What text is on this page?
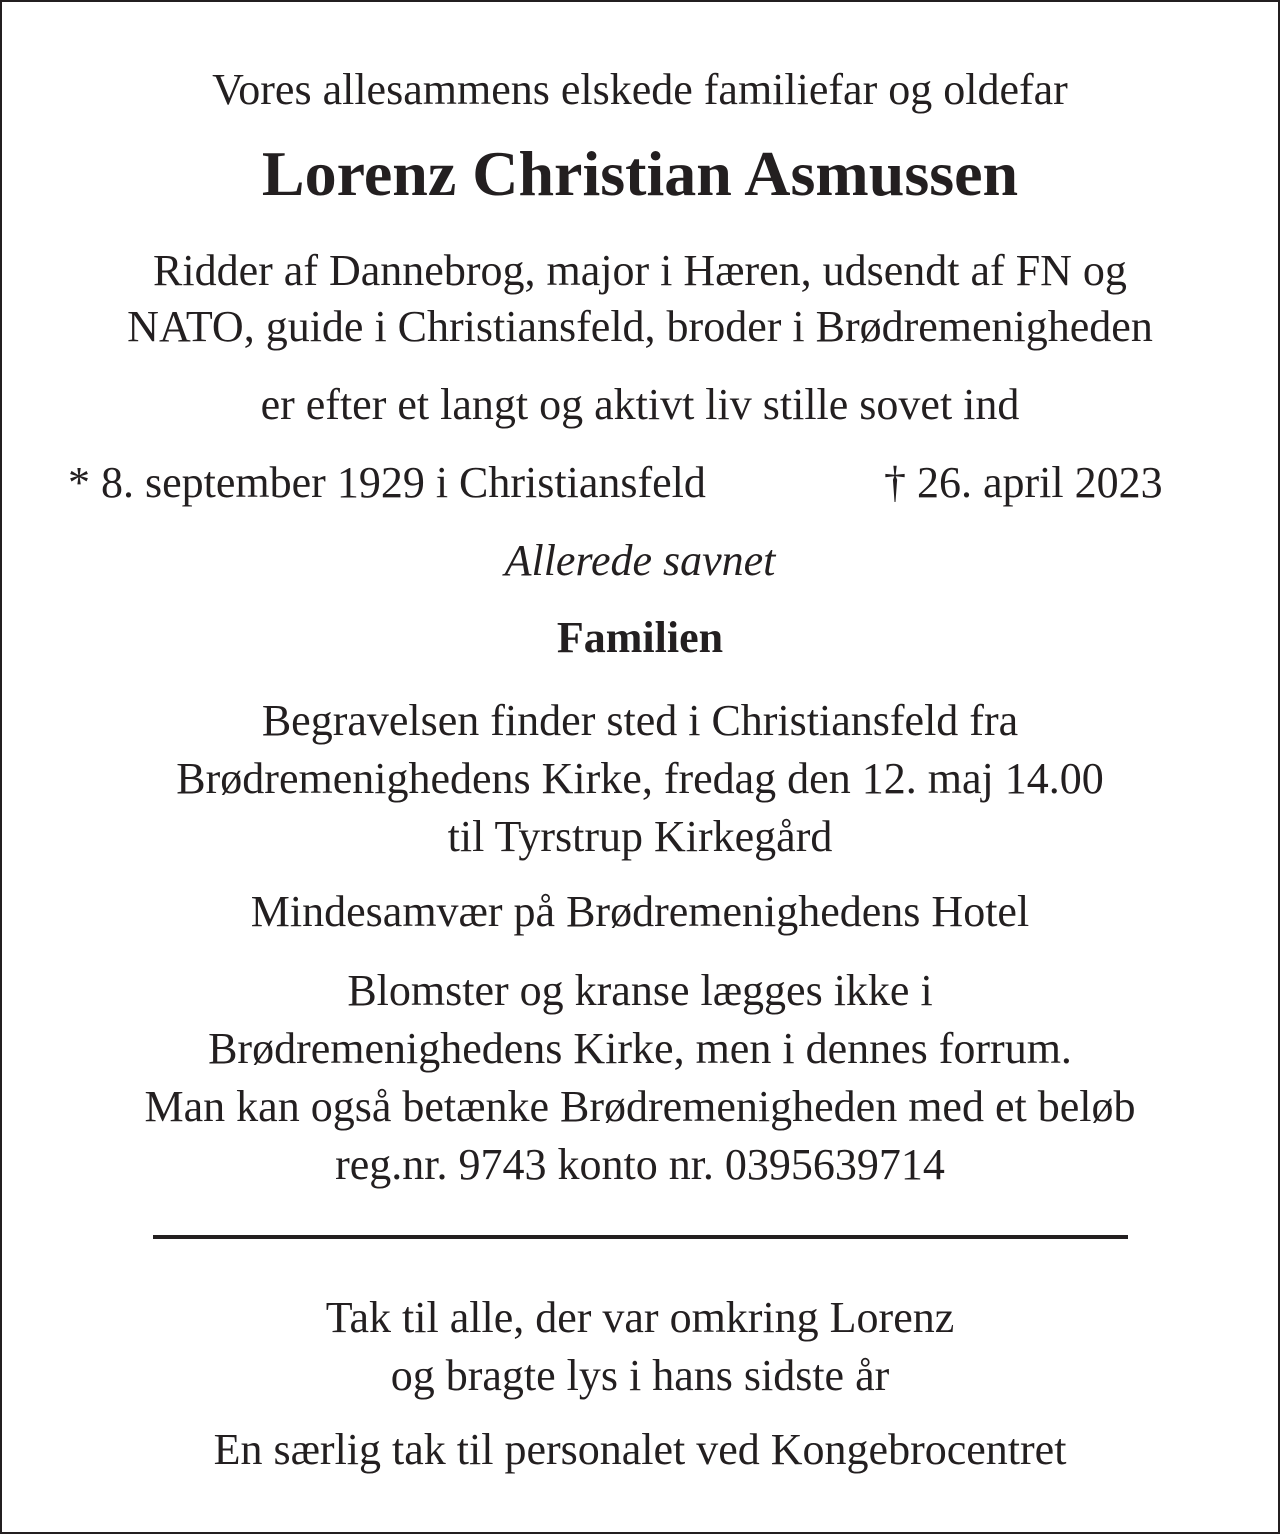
Vores allesammens elskede familiefar og oldefar
Lorenz Christian Asmussen
Ridder af Dannebrog, major i Hæren, udsendt af FN og
NATO, guide i Christiansfeld, broder i Brødremenigheden
er efter et langt og aktivt liv stille sovet ind
* 8. september 1929 i Christiansfeld	† 26. april 2023
Allerede savnet
Familien
Begravelsen finder sted i Christiansfeld fra
Brødremenighedens Kirke, fredag den 12. maj 14.00
til Tyrstrup Kirkegård
Mindesamvær på Brødremenighedens Hotel
Blomster og kranse lægges ikke i
Brødremenighedens Kirke, men i dennes forrum.
Man kan også betænke Brødremenigheden med et beløb
reg.nr. 9743 konto nr. 0395639714
Tak til alle, der var omkring Lorenz
og bragte lys i hans sidste år
En særlig tak til personalet ved Kongebrocentret
